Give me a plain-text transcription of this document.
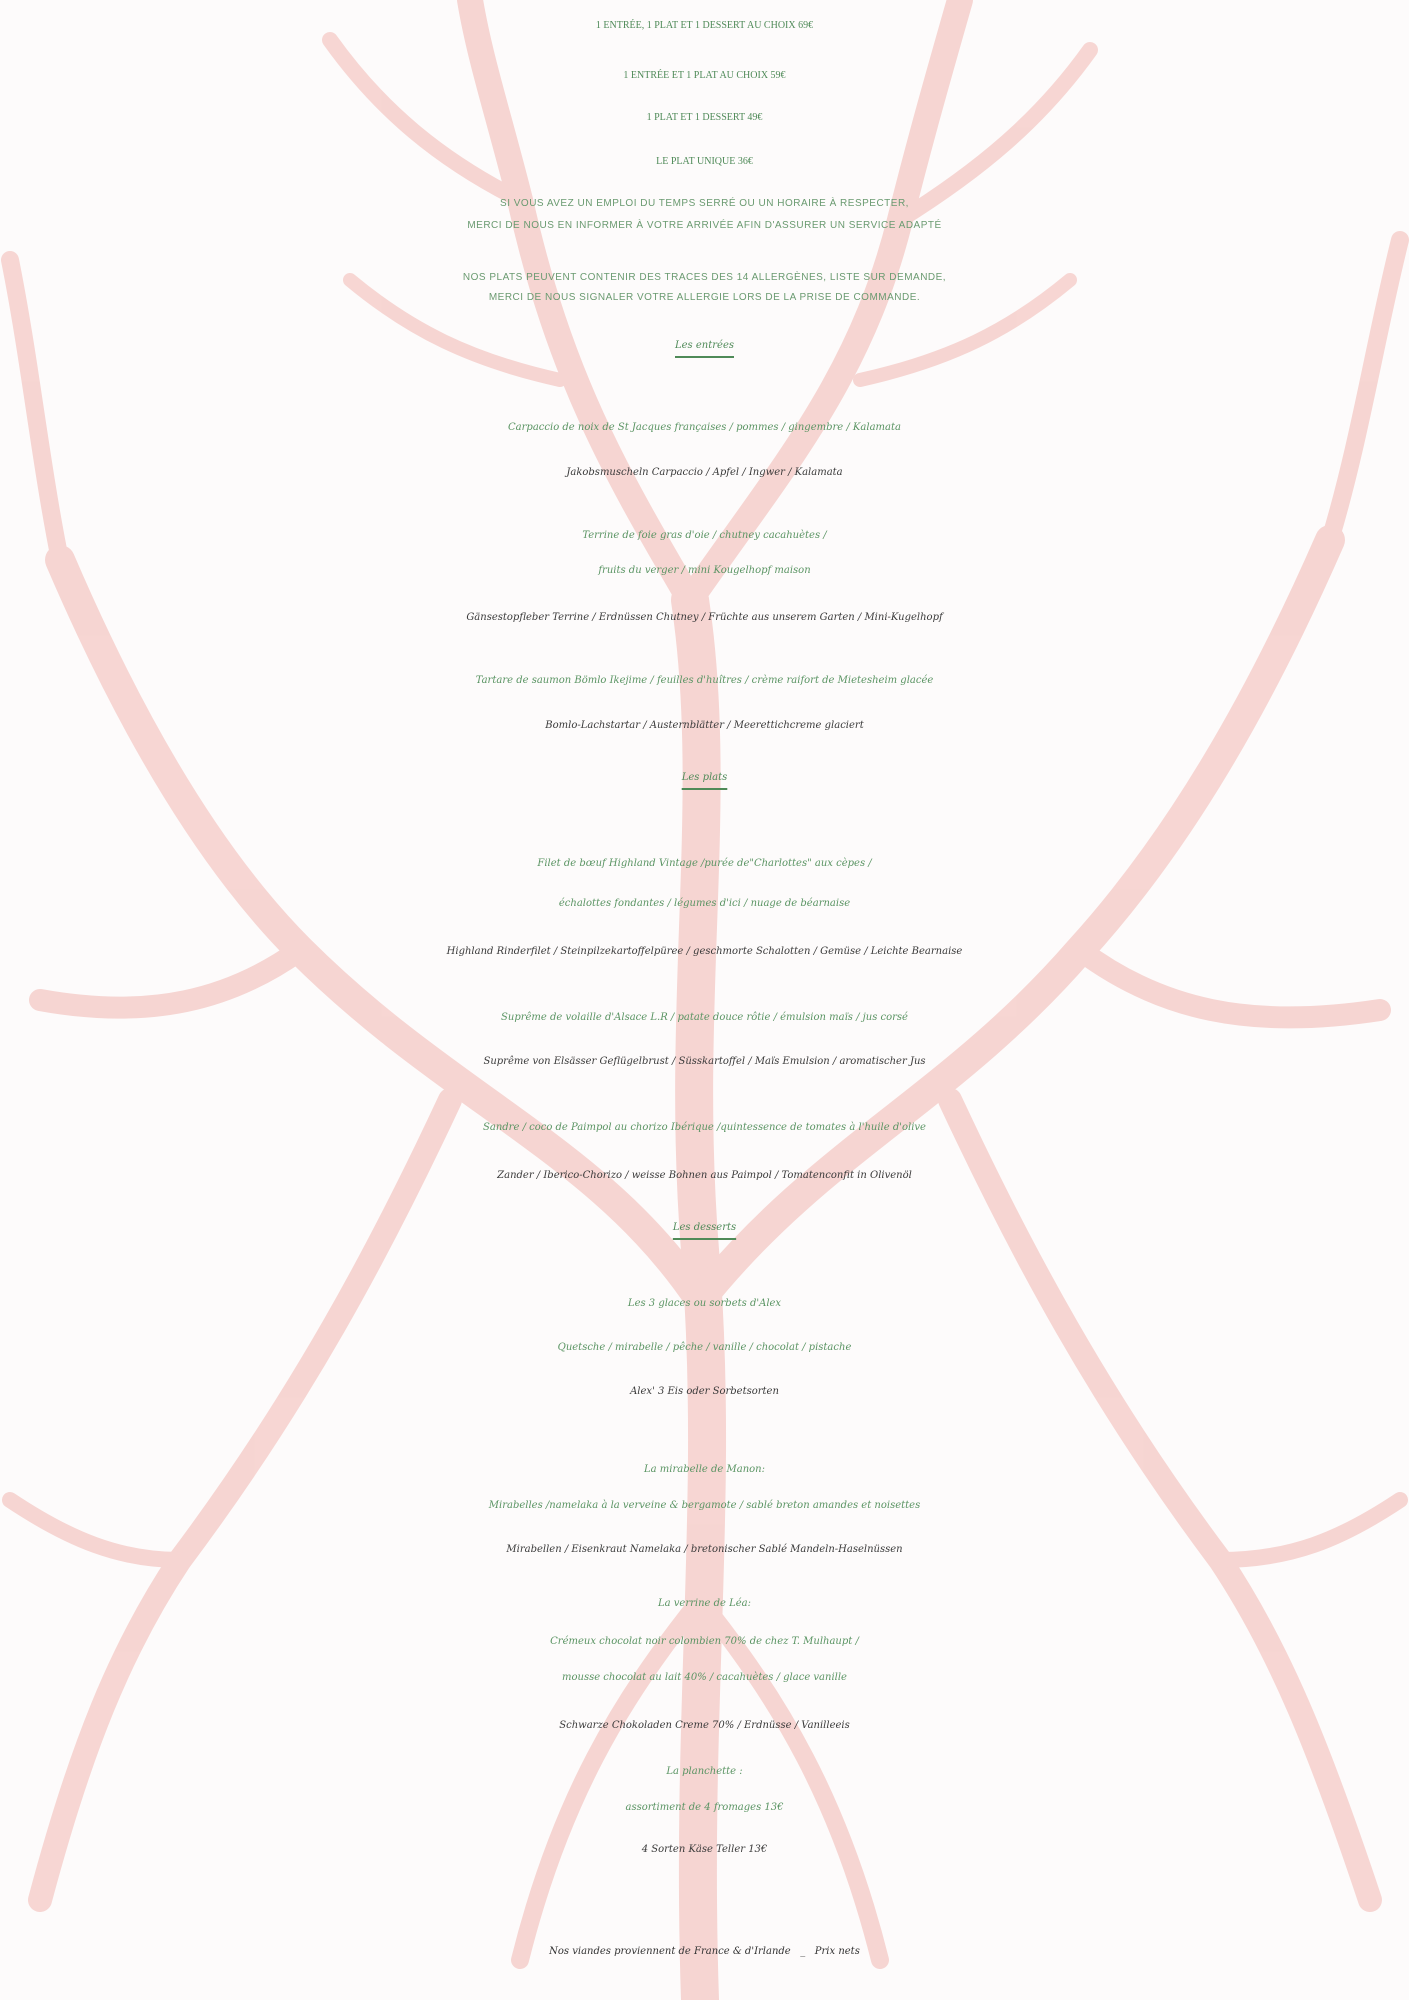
1 ENTRÉE, 1 PLAT ET 1 DESSERT AU CHOIX 69€
1 ENTRÉE ET 1 PLAT AU CHOIX 59€
1 PLAT ET 1 DESSERT 49€
LE PLAT UNIQUE 36€
SI VOUS AVEZ UN EMPLOI DU TEMPS SERRÉ OU UN HORAIRE À RESPECTER,
MERCI DE NOUS EN INFORMER À VOTRE ARRIVÉE AFIN D'ASSURER UN SERVICE ADAPTÉ
NOS PLATS PEUVENT CONTENIR DES TRACES DES 14 ALLERGÈNES, LISTE SUR DEMANDE,
MERCI DE NOUS SIGNALER VOTRE ALLERGIE LORS DE LA PRISE DE COMMANDE.
Les entrées
Carpaccio de noix de St Jacques françaises / pommes / gingembre / Kalamata
Jakobsmuscheln Carpaccio / Apfel / Ingwer / Kalamata
Terrine de foie gras d'oie / chutney cacahuètes /
fruits du verger / mini Kougelhopf maison
Gänsestopfleber Terrine / Erdnüssen Chutney / Früchte aus unserem Garten / Mini-Kugelhopf
Tartare de saumon Bömlo Ikejime / feuilles d'huîtres / crème raifort de Mietesheim glacée
Bomlo-Lachstartar / Austernblätter / Meerettichcreme glaciert
Les plats
Filet de bœuf Highland Vintage /purée de"Charlottes" aux cèpes /
échalottes fondantes / légumes d'ici / nuage de béarnaise
Highland Rinderfilet / Steinpilzekartoffelpüree / geschmorte Schalotten / Gemüse / Leichte Bearnaise
Suprême de volaille d'Alsace L.R / patate douce rôtie / émulsion maïs / jus corsé
Suprême von Elsässer Geflügelbrust / Süsskartoffel / Maïs Emulsion / aromatischer Jus
Sandre / coco de Paimpol au chorizo Ibérique /quintessence de tomates à l'huile d'olive
Zander / Iberico-Chorizo / weisse Bohnen aus Paimpol / Tomatenconfit in Olivenöl
Les desserts
Les 3 glaces ou sorbets d'Alex
Quetsche / mirabelle / pêche / vanille / chocolat / pistache
Alex' 3 Eis oder Sorbetsorten
La mirabelle de Manon:
Mirabelles /namelaka à la verveine & bergamote / sablé breton amandes et noisettes
Mirabellen / Eisenkraut Namelaka / bretonischer Sablé Mandeln-Haselnüssen
La verrine de Léa:
Crémeux chocolat noir colombien 70% de chez T. Mulhaupt /
mousse chocolat au lait 40% / cacahuètes / glace vanille
Schwarze Chokoladen Creme 70% / Erdnüsse / Vanilleeis
La planchette :
assortiment de 4 fromages 13€
4 Sorten Käse Teller 13€
Nos viandes proviennent de France & d'Irlande   _   Prix nets
